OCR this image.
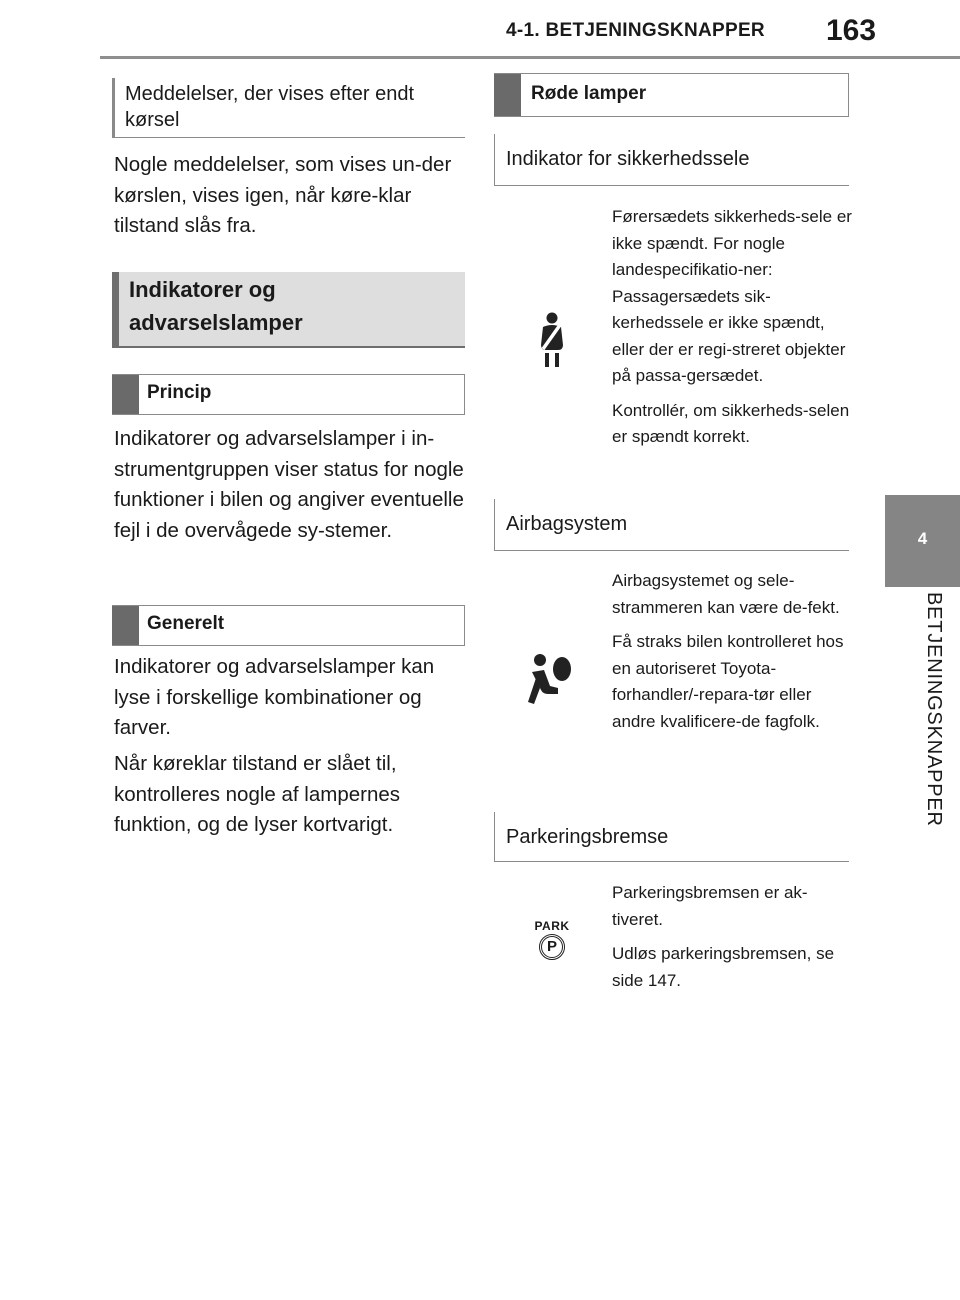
4-1. BETJENINGSKNAPPER 163
4
BETJENINGSKNAPPER
Meddelelser, der vises efter endt kørsel
Nogle meddelelser, som vises un-der kørslen, vises igen, når køre-klar tilstand slås fra.
Indikatorer og advarselslamper
Princip
Indikatorer og advarselslamper i in-strumentgruppen viser status for nogle funktioner i bilen og angiver eventuelle fejl i de overvågede sy-stemer.
Generelt
Indikatorer og advarselslamper kan lyse i forskellige kombinationer og farver.
Når køreklar tilstand er slået til, kontrolleres nogle af lampernes funktion, og de lyser kortvarigt.
Røde lamper
Indikator for sikkerhedssele

Førersædets sikkerheds-sele er ikke spændt. For nogle landespecifikatio-ner: Passagersædets sik-kerhedssele er ikke spændt, eller der er regi-streret objekter på passa-gersædet.

Kontrollér, om sikkerheds-selen er spændt korrekt.

Airbagsystem

Airbagsystemet og sele-strammeren kan være de-fekt.

Få straks bilen kontrolleret hos en autoriseret Toyota-forhandler/-repara-tør eller andre kvalificere-de fagfolk.

Parkeringsbremse
PARK
P

Parkeringsbremsen er ak-tiveret.

Udløs parkeringsbremsen, se side 147.
